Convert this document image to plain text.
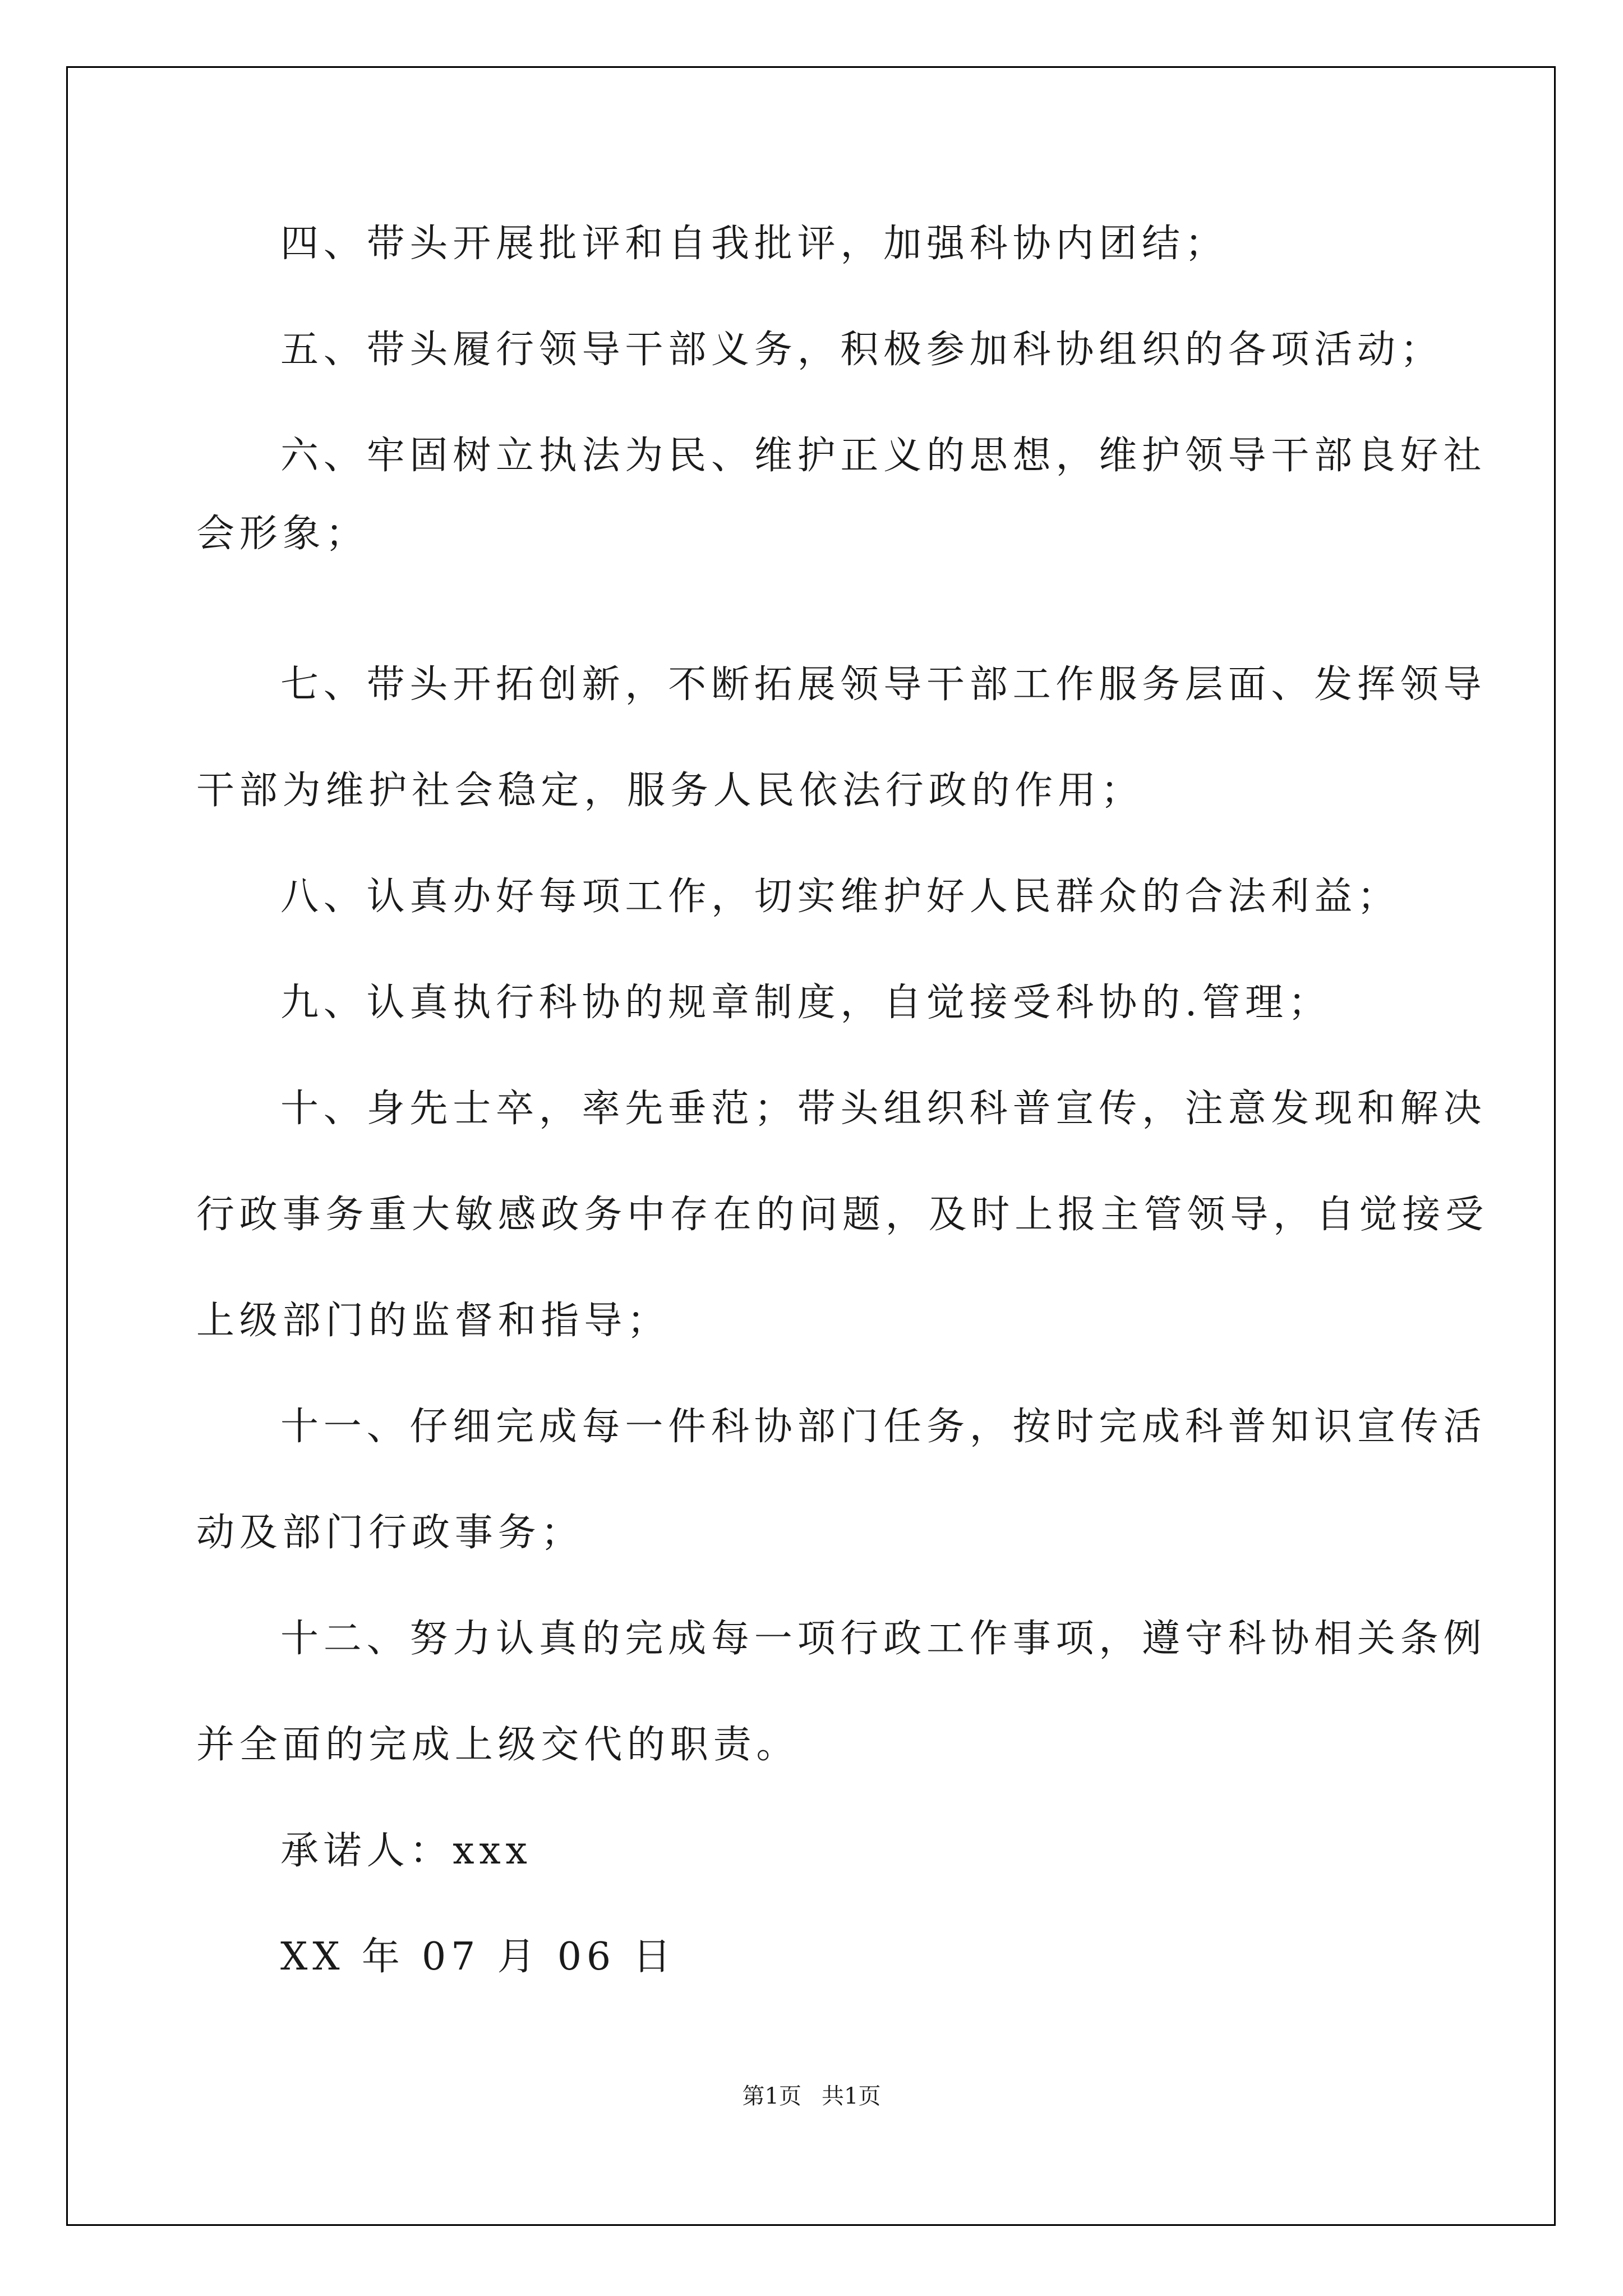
四、带头开展批评和自我批评，加强科协内团结；
五、带头履行领导干部义务，积极参加科协组织的各项活动；
六、牢固树立执法为民、维护正义的思想，维护领导干部良好社
会形象；
七、带头开拓创新，不断拓展领导干部工作服务层面、发挥领导
干部为维护社会稳定，服务人民依法行政的作用；
八、认真办好每项工作，切实维护好人民群众的合法利益；
九、认真执行科协的规章制度，自觉接受科协的.管理；
十、身先士卒，率先垂范；带头组织科普宣传，注意发现和解决
行政事务重大敏感政务中存在的问题，及时上报主管领导，自觉接受
上级部门的监督和指导；
十一、仔细完成每一件科协部门任务，按时完成科普知识宣传活
动及部门行政事务；
十二、努力认真的完成每一项行政工作事项，遵守科协相关条例
并全面的完成上级交代的职责。
承诺人：xxx
XX 年 07 月 06 日
第1页 共1页
